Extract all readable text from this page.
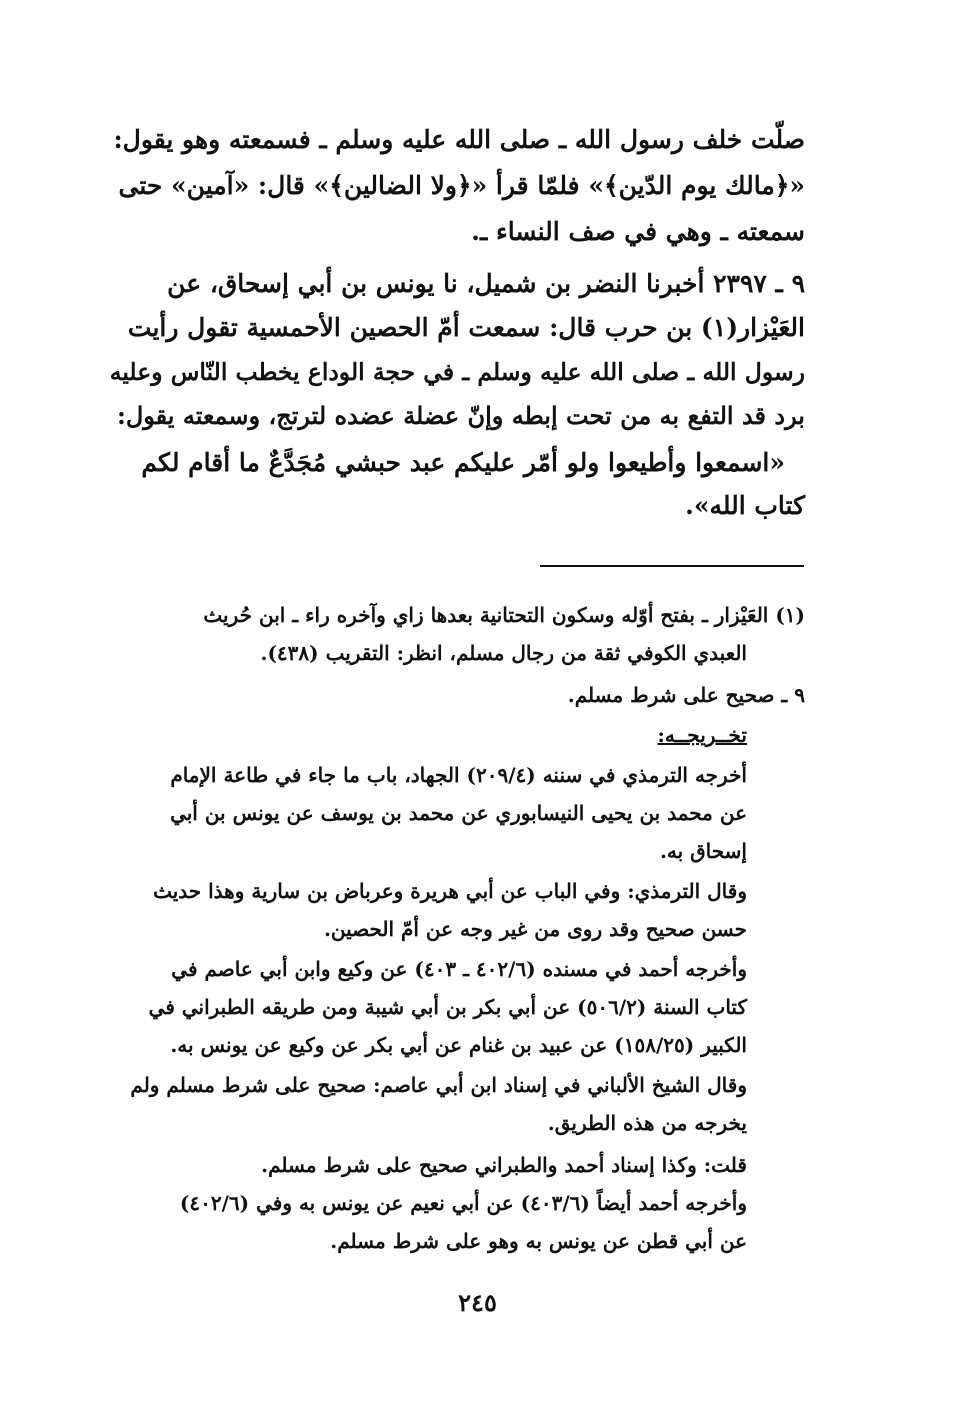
صلّت خلف رسول الله ـ صلى الله عليه وسلم ـ فسمعته وهو يقول:
«﴿مالك يوم الدّين﴾» فلمّا قرأ «﴿ولا الضالين﴾» قال: «آمين» حتى
سمعته ـ وهي في صف النساء ـ.
٩ ـ ٢٣٩٧ أخبرنا النضر بن شميل، نا يونس بن أبي إسحاق، عن
العَيْزار(١) بن حرب قال: سمعت أمّ الحصين الأحمسية تقول رأيت
رسول الله ـ صلى الله عليه وسلم ـ في حجة الوداع يخطب النّاس وعليه
برد قد التفع به من تحت إبطه وإنّ عضلة عضده لترتج، وسمعته يقول:
«اسمعوا وأطيعوا ولو أمّر عليكم عبد حبشي مُجَدَّعٌ ما أقام لكم
كتاب الله».
(١) العَيْزار ـ بفتح أوّله وسكون التحتانية بعدها زاي وآخره راء ـ ابن حُريث
العبدي الكوفي ثقة من رجال مسلم، انظر: التقريب (٤٣٨).
٩ ـ صحيح على شرط مسلم.
تخــريجــه:
أخرجه الترمذي في سننه (٢٠٩/٤) الجهاد، باب ما جاء في طاعة الإمام
عن محمد بن يحيى النيسابوري عن محمد بن يوسف عن يونس بن أبي
إسحاق به.
وقال الترمذي: وفي الباب عن أبي هريرة وعرباض بن سارية وهذا حديث
حسن صحيح وقد روى من غير وجه عن أمّ الحصين.
وأخرجه أحمد في مسنده (٤٠٢/٦ ـ ٤٠٣) عن وكيع وابن أبي عاصم في
كتاب السنة (٥٠٦/٢) عن أبي بكر بن أبي شيبة ومن طريقه الطبراني في
الكبير (١٥٨/٢٥) عن عبيد بن غنام عن أبي بكر عن وكيع عن يونس به.
وقال الشيخ الألباني في إسناد ابن أبي عاصم: صحيح على شرط مسلم ولم
يخرجه من هذه الطريق.
قلت: وكذا إسناد أحمد والطبراني صحيح على شرط مسلم.
وأخرجه أحمد أيضاً (٤٠٣/٦) عن أبي نعيم عن يونس به وفي (٤٠٢/٦)
عن أبي قطن عن يونس به وهو على شرط مسلم.
٢٤٥
